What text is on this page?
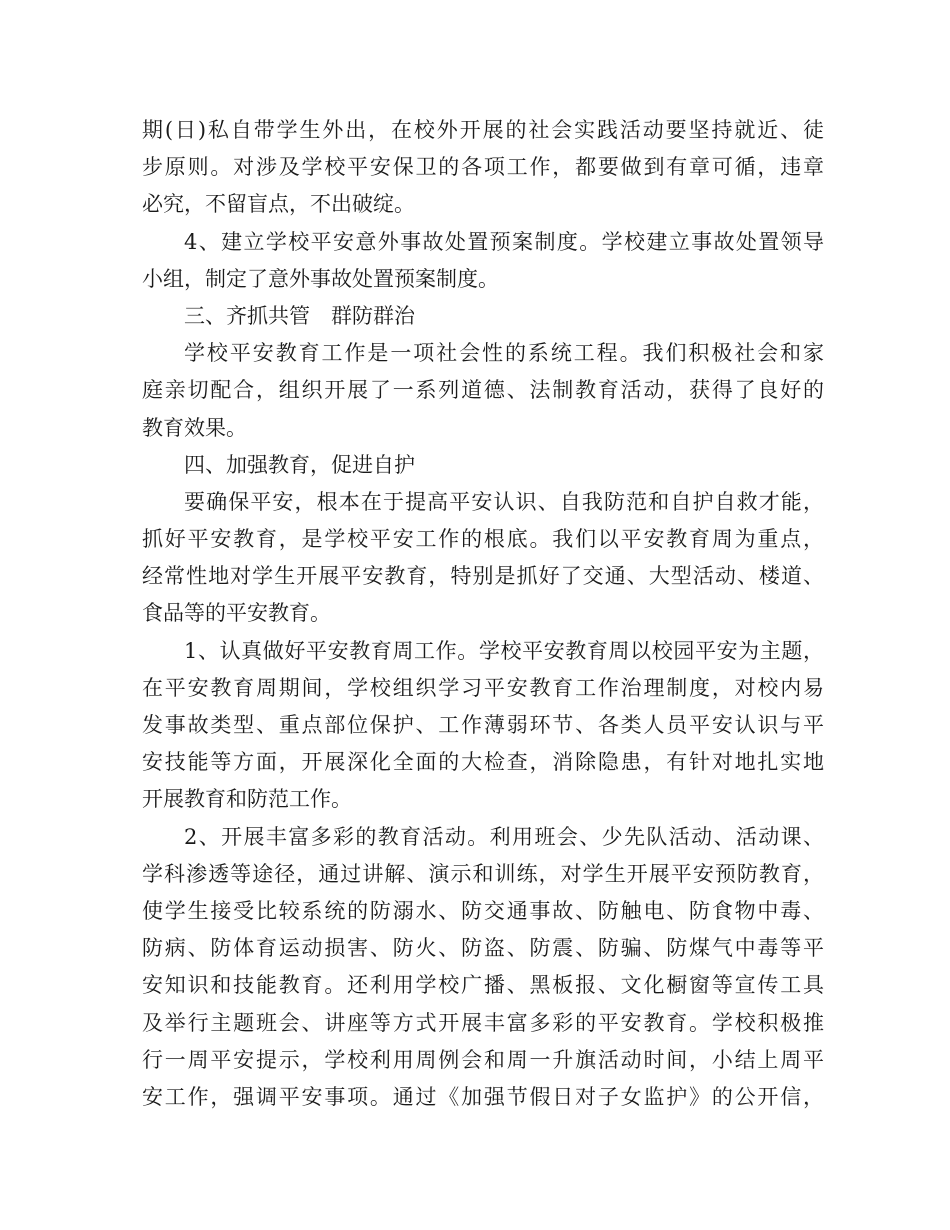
期(日)私自带学生外出，在校外开展的社会实践活动要坚持就近、徒
步原则。对涉及学校平安保卫的各项工作，都要做到有章可循，违章
必究，不留盲点，不出破绽。
4、建立学校平安意外事故处置预案制度。学校建立事故处置领导
小组，制定了意外事故处置预案制度。
三、齐抓共管　群防群治
学校平安教育工作是一项社会性的系统工程。我们积极社会和家
庭亲切配合，组织开展了一系列道德、法制教育活动，获得了良好的
教育效果。
四、加强教育，促进自护
要确保平安，根本在于提高平安认识、自我防范和自护自救才能，
抓好平安教育，是学校平安工作的根底。我们以平安教育周为重点，
经常性地对学生开展平安教育，特别是抓好了交通、大型活动、楼道、
食品等的平安教育。
1、认真做好平安教育周工作。学校平安教育周以校园平安为主题，
在平安教育周期间，学校组织学习平安教育工作治理制度，对校内易
发事故类型、重点部位保护、工作薄弱环节、各类人员平安认识与平
安技能等方面，开展深化全面的大检查，消除隐患，有针对地扎实地
开展教育和防范工作。
2、开展丰富多彩的教育活动。利用班会、少先队活动、活动课、
学科渗透等途径，通过讲解、演示和训练，对学生开展平安预防教育，
使学生接受比较系统的防溺水、防交通事故、防触电、防食物中毒、
防病、防体育运动损害、防火、防盗、防震、防骗、防煤气中毒等平
安知识和技能教育。还利用学校广播、黑板报、文化橱窗等宣传工具
及举行主题班会、讲座等方式开展丰富多彩的平安教育。学校积极推
行一周平安提示，学校利用周例会和周一升旗活动时间，小结上周平
安工作，强调平安事项。通过《加强节假日对子女监护》的公开信，
